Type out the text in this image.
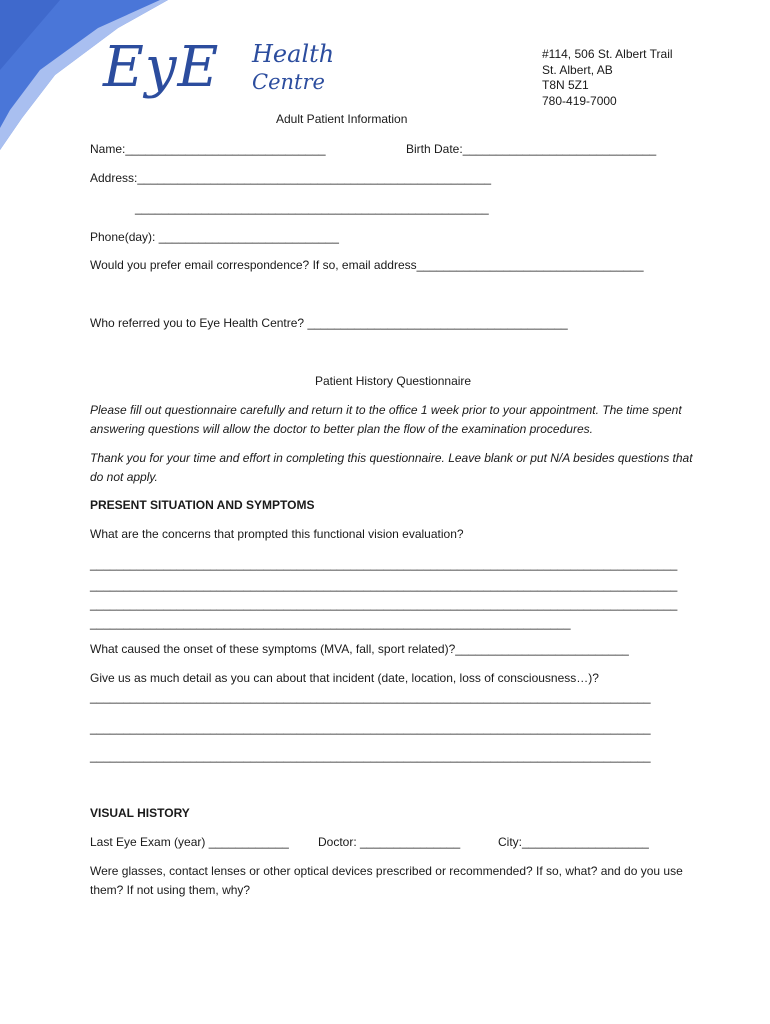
EyE Health
Centre
#114, 506 St. Albert Trail
St. Albert, AB
T8N 5Z1
780-419-7000
Adult Patient Information
Name:______________________________	Birth Date:_____________________________
Address:_____________________________________________________
_____________________________________________________
Phone(day): ___________________________
Would you prefer email correspondence? If so, email address__________________________________
Who referred you to Eye Health Centre? _______________________________________
Patient History Questionnaire
Please fill out questionnaire carefully and return it to the office 1 week prior to your appointment. The time spent answering questions will allow the doctor to better plan the flow of the examination procedures.
Thank you for your time and effort in completing this questionnaire. Leave blank or put N/A besides questions that do not apply.
PRESENT SITUATION AND SYMPTOMS
What are the concerns that prompted this functional vision evaluation?
________________________________________________________________________________________
________________________________________________________________________________________
________________________________________________________________________________________
________________________________________________________________________
What caused the onset of these symptoms (MVA, fall, sport related)?__________________________
Give us as much detail as you can about that incident (date, location, loss of consciousness…)?
____________________________________________________________________________________
____________________________________________________________________________________
____________________________________________________________________________________
VISUAL HISTORY
Last Eye Exam (year) ____________ Doctor: _______________	City:___________________
Were glasses, contact lenses or other optical devices prescribed or recommended? If so, what? and do you use them? If not using them, why?
